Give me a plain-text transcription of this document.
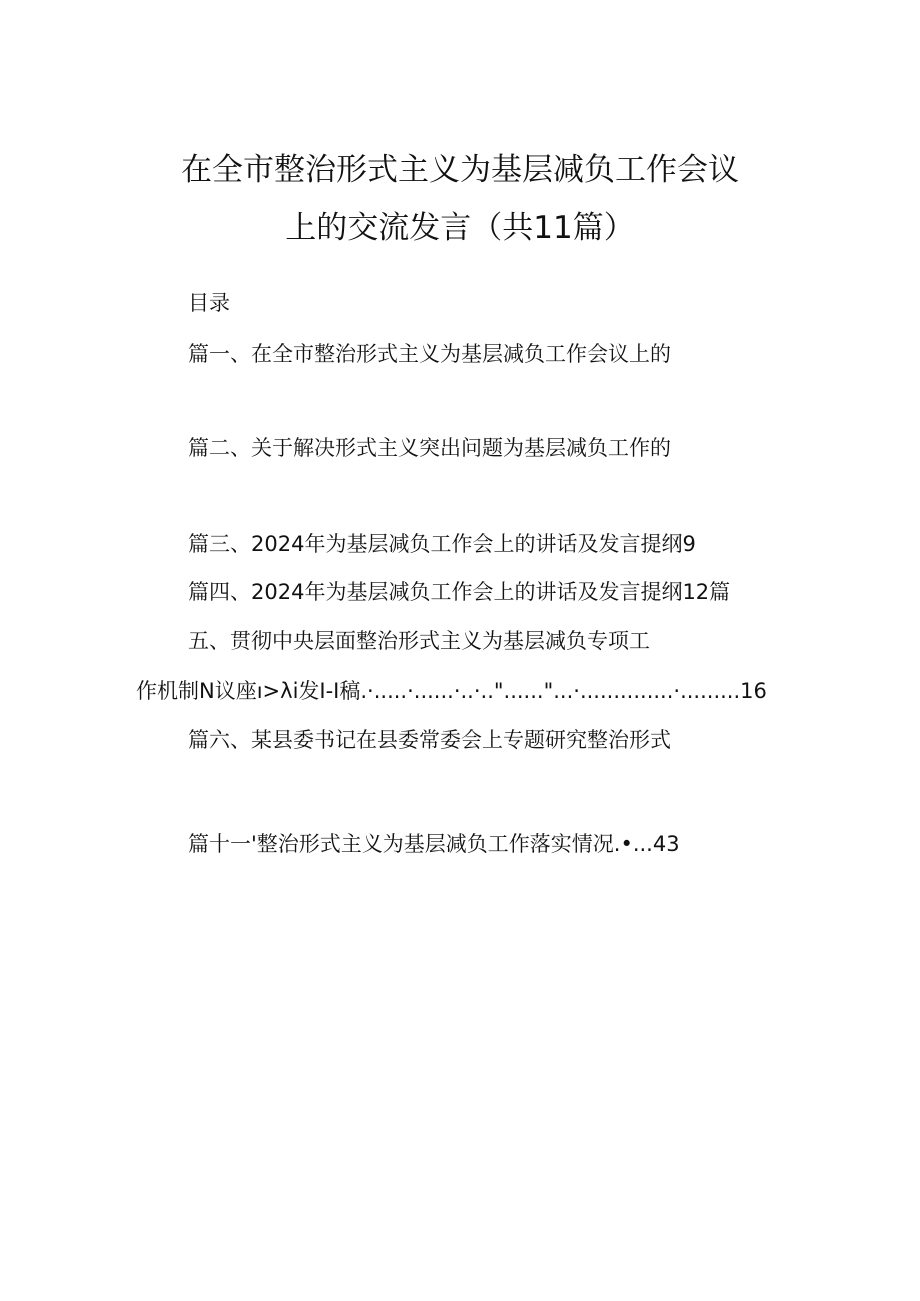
在全市整治形式主义为基层减负工作会议
上的交流发言（共11篇）
目录
篇一、在全市整治形式主义为基层减负工作会议上的
篇二、关于解决形式主义突出问题为基层减负工作的
篇三、2024年为基层减负工作会上的讲话及发言提纲9
篇四、2024年为基层减负工作会上的讲话及发言提纲12篇
五、贯彻中央层面整治形式主义为基层减负专项工
作机制N议座ı>λi发I-I稿.·.....·......·..·.."......"...·..............·.........16
篇六、某县委书记在县委常委会上专题研究整治形式
篇十一'整治形式主义为基层减负工作落实情况.•...43
